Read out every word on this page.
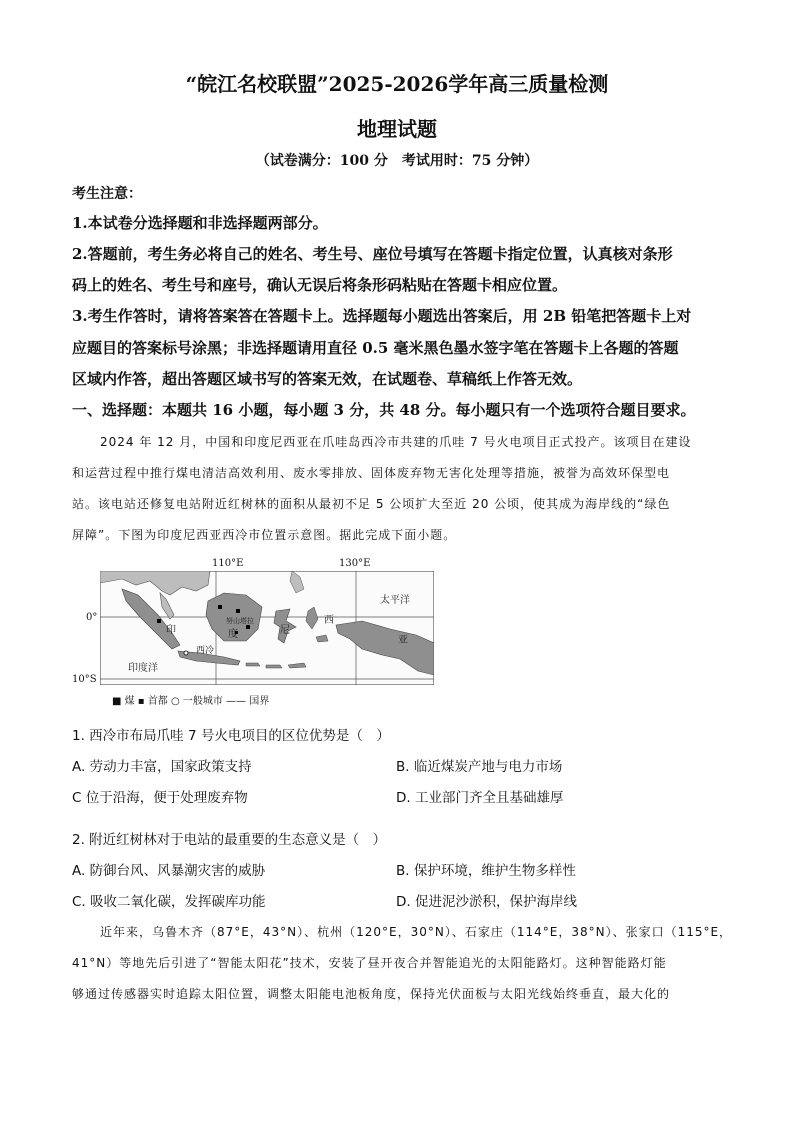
“皖江名校联盟”2025-2026学年高三质量检测
地理试题
（试卷满分：100 分　考试用时：75 分钟）
考生注意：
1.本试卷分选择题和非选择题两部分。
2.答题前，考生务必将自己的姓名、考生号、座位号填写在答题卡指定位置，认真核对条形
码上的姓名、考生号和座号，确认无误后将条形码粘贴在答题卡相应位置。
3.考生作答时，请将答案答在答题卡上。选择题每小题选出答案后，用 2B 铅笔把答题卡上对
应题目的答案标号涂黑；非选择题请用直径 0.5 毫米黑色墨水签字笔在答题卡上各题的答题
区域内作答，超出答题区域书写的答案无效，在试题卷、草稿纸上作答无效。
一、选择题：本题共 16 小题，每小题 3 分，共 48 分。每小题只有一个选项符合题目要求。
2024 年 12 月，中国和印度尼西亚在爪哇岛西冷市共建的爪哇 7 号火电项目正式投产。该项目在建设
和运营过程中推行煤电清洁高效利用、废水零排放、固体废弃物无害化处理等措施，被誉为高效环保型电
站。该电站还修复电站附近红树林的面积从最初不足 5 公顷扩大至近 20 公顷，使其成为海岸线的“绿色
屏障”。下图为印度尼西亚西冷市位置示意图。据此完成下面小题。
太平洋
印度洋
西冷
努山塔拉
印	度	尼
西
亚
110°E	130°E
0°
10°S
■ 煤 ▪ 首都 ○ 一般城市 —— 国界
1. 西冷市布局爪哇 7 号火电项目的区位优势是（　）
A. 劳动力丰富，国家政策支持	B. 临近煤炭产地与电力市场
C 位于沿海，便于处理废弃物	D. 工业部门齐全且基础雄厚
2. 附近红树林对于电站的最重要的生态意义是（　）
A. 防御台风、风暴潮灾害的威胁	B. 保护环境，维护生物多样性
C. 吸收二氧化碳，发挥碳库功能	D. 促进泥沙淤积，保护海岸线
近年来，乌鲁木齐（87°E，43°N）、杭州（120°E，30°N）、石家庄（114°E，38°N）、张家口（115°E，
41°N）等地先后引进了“智能太阳花”技术，安装了昼开夜合并智能追光的太阳能路灯。这种智能路灯能
够通过传感器实时追踪太阳位置，调整太阳能电池板角度，保持光伏面板与太阳光线始终垂直，最大化的
